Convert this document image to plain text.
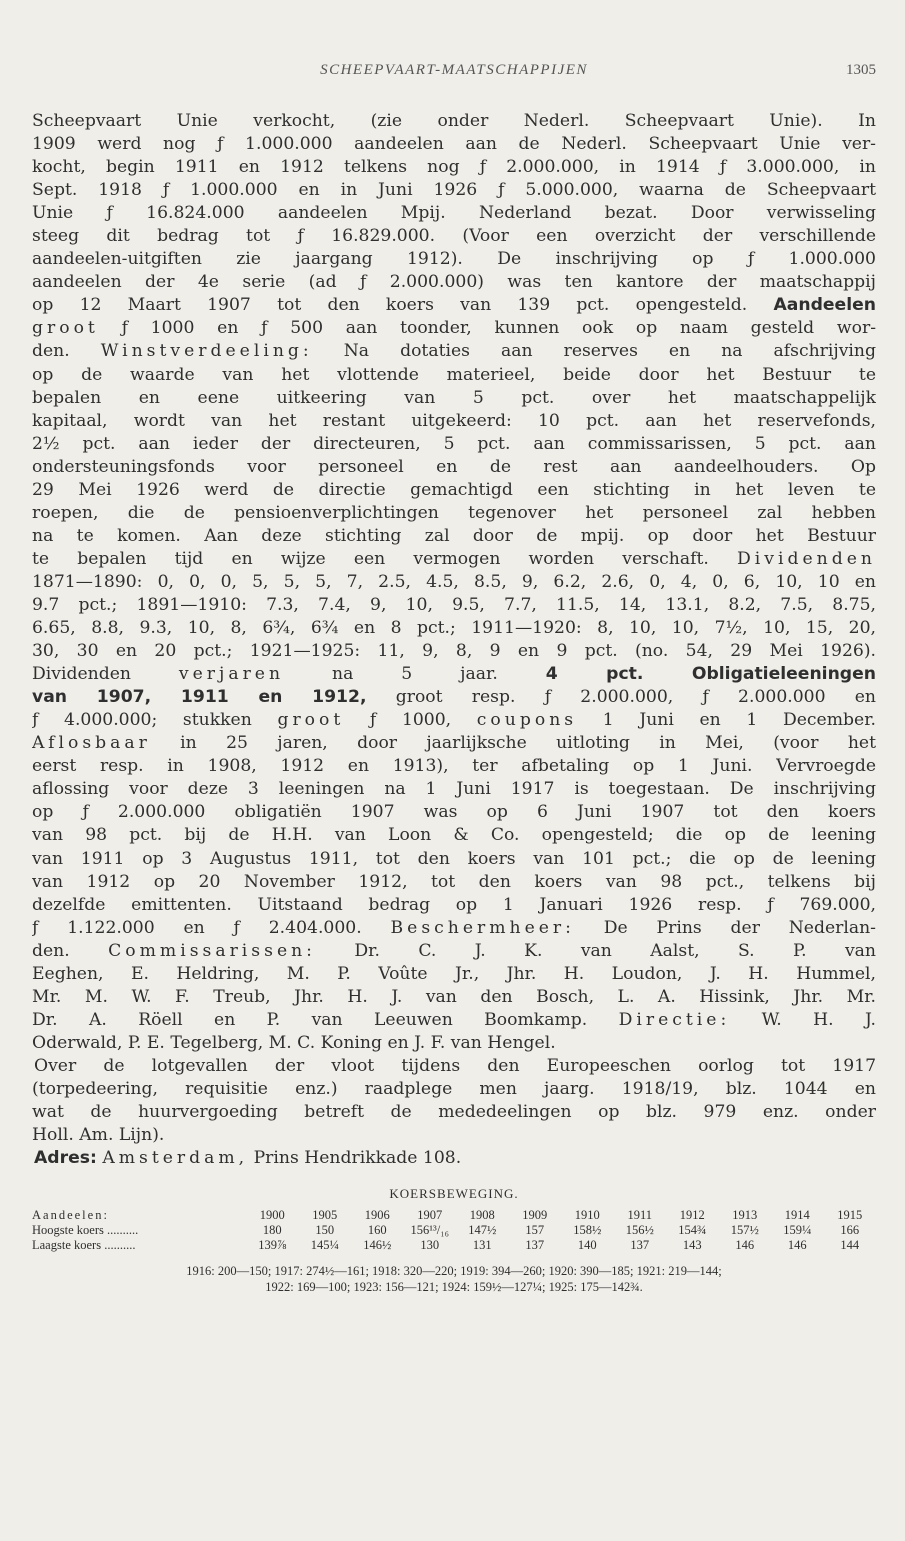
SCHEEPVAART-MAATSCHAPPIJEN	1305
Scheepvaart Unie verkocht, (zie onder Nederl. Scheepvaart Unie). In
1909 werd nog ƒ 1.000.000 aandeelen aan de Nederl. Scheepvaart Unie ver-
kocht, begin 1911 en 1912 telkens nog ƒ 2.000.000, in 1914 ƒ 3.000.000, in
Sept. 1918 ƒ 1.000.000 en in Juni 1926 ƒ 5.000.000, waarna de Scheepvaart
Unie ƒ 16.824.000 aandeelen Mpij. Nederland bezat. Door verwisseling
steeg dit bedrag tot ƒ 16.829.000. (Voor een overzicht der verschillende
aandeelen-uitgiften zie jaargang 1912). De inschrijving op ƒ 1.000.000
aandeelen der 4e serie (ad ƒ 2.000.000) was ten kantore der maatschappij
op 12 Maart 1907 tot den koers van 139 pct. opengesteld. Aandeelen
groot ƒ 1000 en ƒ 500 aan toonder, kunnen ook op naam gesteld wor-
den. Winstverdeeling: Na dotaties aan reserves en na afschrijving
op de waarde van het vlottende materieel, beide door het Bestuur te
bepalen en eene uitkeering van 5 pct. over het maatschappelijk
kapitaal, wordt van het restant uitgekeerd: 10 pct. aan het reservefonds,
2½ pct. aan ieder der directeuren, 5 pct. aan commissarissen, 5 pct. aan
ondersteuningsfonds voor personeel en de rest aan aandeelhouders. Op
29 Mei 1926 werd de directie gemachtigd een stichting in het leven te
roepen, die de pensioenverplichtingen tegenover het personeel zal hebben
na te komen. Aan deze stichting zal door de mpij. op door het Bestuur
te bepalen tijd en wijze een vermogen worden verschaft. Dividenden
1871—1890: 0, 0, 0, 5, 5, 5, 7, 2.5, 4.5, 8.5, 9, 6.2, 2.6, 0, 4, 0, 6, 10, 10 en
9.7 pct.; 1891—1910: 7.3, 7.4, 9, 10, 9.5, 7.7, 11.5, 14, 13.1, 8.2, 7.5, 8.75,
6.65, 8.8, 9.3, 10, 8, 6¾, 6¾ en 8 pct.; 1911—1920: 8, 10, 10, 7½, 10, 15, 20,
30, 30 en 20 pct.; 1921—1925: 11, 9, 8, 9 en 9 pct. (no. 54, 29 Mei 1926).
Dividenden verjaren na 5 jaar. 4 pct. Obligatieleeningen
van 1907, 1911 en 1912, groot resp. ƒ 2.000.000, ƒ 2.000.000 en
ƒ 4.000.000; stukken groot ƒ 1000, coupons 1 Juni en 1 December.
Aflosbaar in 25 jaren, door jaarlijksche uitloting in Mei, (voor het
eerst resp. in 1908, 1912 en 1913), ter afbetaling op 1 Juni. Vervroegde
aflossing voor deze 3 leeningen na 1 Juni 1917 is toegestaan. De inschrijving
op ƒ 2.000.000 obligatiën 1907 was op 6 Juni 1907 tot den koers
van 98 pct. bij de H.H. van Loon & Co. opengesteld; die op de leening
van 1911 op 3 Augustus 1911, tot den koers van 101 pct.; die op de leening
van 1912 op 20 November 1912, tot den koers van 98 pct., telkens bij
dezelfde emittenten. Uitstaand bedrag op 1 Januari 1926 resp. ƒ 769.000,
ƒ 1.122.000 en ƒ 2.404.000. Beschermheer: De Prins der Nederlan-
den. Commissarissen: Dr. C. J. K. van Aalst, S. P. van
Eeghen, E. Heldring, M. P. Voûte Jr., Jhr. H. Loudon, J. H. Hummel,
Mr. M. W. F. Treub, Jhr. H. J. van den Bosch, L. A. Hissink, Jhr. Mr.
Dr. A. Röell en P. van Leeuwen Boomkamp. Directie: W. H. J.
Oderwald, P. E. Tegelberg, M. C. Koning en J. F. van Hengel.
Over de lotgevallen der vloot tijdens den Europeeschen oorlog tot 1917
(torpedeering, requisitie enz.) raadplege men jaarg. 1918/19, blz. 1044 en
wat de huurvergoeding betreft de mededeelingen op blz. 979 enz. onder
Holl. Am. Lijn).
Adres: Amsterdam, Prins Hendrikkade 108.
KOERSBEWEGING.
Aandeelen:	1900	1905	1906	1907	1908	1909	1910	1911	1912	1913	1914	1915
Hoogste koers ..........	180	150	160	156¹³/₁₆	147½	157	158½	156½	154¾	157½	159¼	166
Laagste koers ..........	139⅞	145¼	146½	130	131	137	140	137	143	146	146	144
1916: 200—150; 1917: 274½—161; 1918: 320—220; 1919: 394—260; 1920: 390—185; 1921: 219—144;
1922: 169—100; 1923: 156—121; 1924: 159½—127¼; 1925: 175—142¾.
